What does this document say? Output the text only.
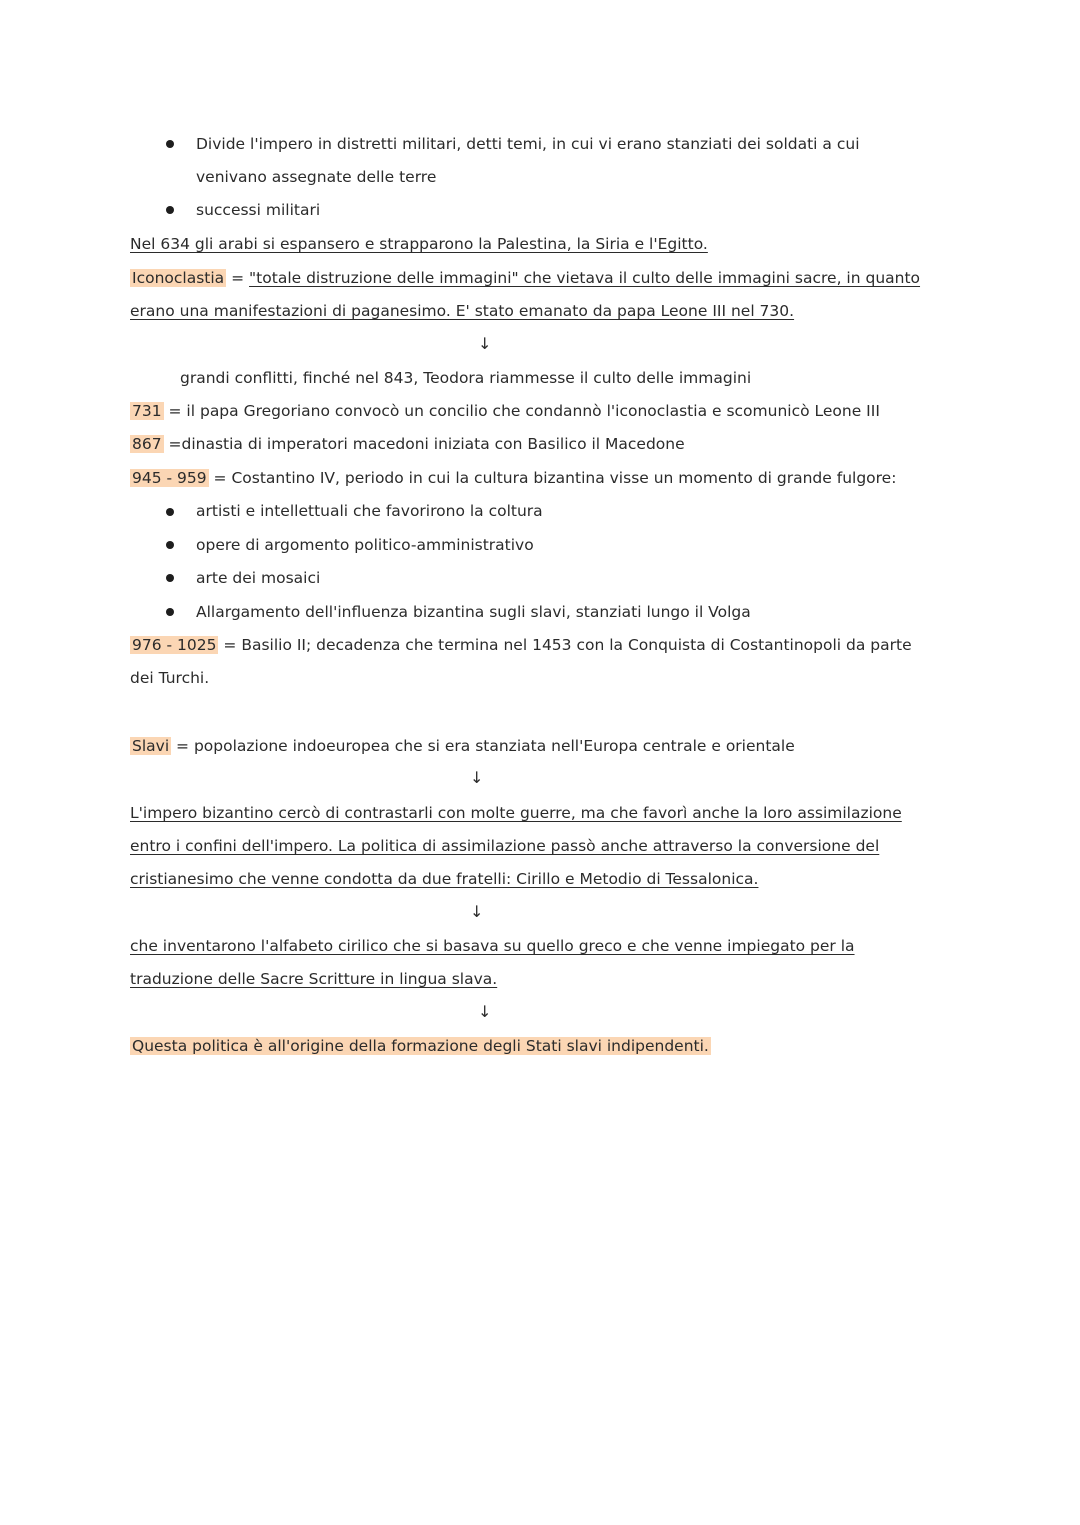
Divide l'impero in distretti militari, detti temi, in cui vi erano stanziati dei soldati a cui
venivano assegnate delle terre
successi militari
Nel 634 gli arabi si espansero e strapparono la Palestina, la Siria e l'Egitto.
Iconoclastia = "totale distruzione delle immagini" che vietava il culto delle immagini sacre, in quanto
erano una manifestazioni di paganesimo. E' stato emanato da papa Leone III nel 730.
↓
grandi conflitti, finché nel 843, Teodora riammesse il culto delle immagini
731 = il papa Gregoriano convocò un concilio che condannò l'iconoclastia e scomunicò Leone III
867 =dinastia di imperatori macedoni iniziata con Basilico il Macedone
945 - 959 = Costantino IV, periodo in cui la cultura bizantina visse un momento di grande fulgore:
artisti e intellettuali che favorirono la coltura
opere di argomento politico-amministrativo
arte dei mosaici
Allargamento dell'influenza bizantina sugli slavi, stanziati lungo il Volga
976 - 1025 = Basilio II; decadenza che termina nel 1453 con la Conquista di Costantinopoli da parte
dei Turchi.
Slavi = popolazione indoeuropea che si era stanziata nell'Europa centrale e orientale
↓
L'impero bizantino cercò di contrastarli con molte guerre, ma che favorì anche la loro assimilazione
entro i confini dell'impero. La politica di assimilazione passò anche attraverso la conversione del
cristianesimo che venne condotta da due fratelli: Cirillo e Metodio di Tessalonica.
↓
che inventarono l'alfabeto cirilico che si basava su quello greco e che venne impiegato per la
traduzione delle Sacre Scritture in lingua slava.
↓
Questa politica è all'origine della formazione degli Stati slavi indipendenti.
